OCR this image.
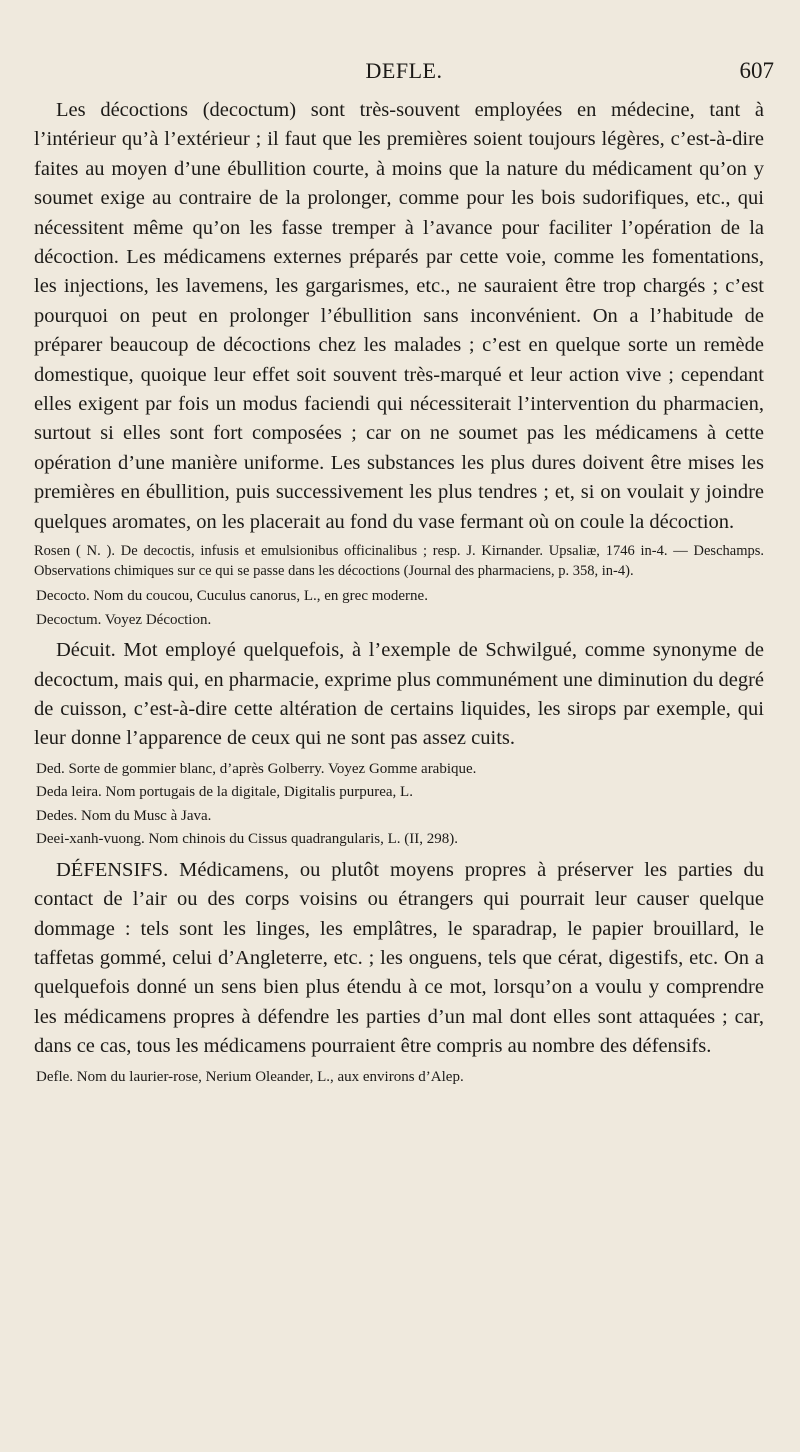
DEFLE.	607

Les décoctions (decoctum) sont très-souvent employées en médecine, tant à l’intérieur qu’à l’extérieur ; il faut que les premières soient toujours légères, c’est-à-dire faites au moyen d’une ébullition courte, à moins que la nature du médicament qu’on y soumet exige au contraire de la prolonger, comme pour les bois sudorifiques, etc., qui nécessitent même qu’on les fasse tremper à l’avance pour faciliter l’opération de la décoction. Les médicamens externes préparés par cette voie, comme les fomentations, les injections, les lavemens, les gargarismes, etc., ne sauraient être trop chargés ; c’est pourquoi on peut en prolonger l’ébullition sans inconvénient. On a l’habitude de préparer beaucoup de décoctions chez les malades ; c’est en quelque sorte un remède domestique, quoique leur effet soit souvent très-marqué et leur action vive ; cependant elles exigent par fois un modus faciendi qui nécessiterait l’intervention du pharmacien, surtout si elles sont fort composées ; car on ne soumet pas les médicamens à cette opération d’une manière uniforme. Les substances les plus dures doivent être mises les premières en ébullition, puis successivement les plus tendres ; et, si on voulait y joindre quelques aromates, on les placerait au fond du vase fermant où on coule la décoction.

Rosen ( N. ). De decoctis, infusis et emulsionibus officinalibus ; resp. J. Kirnander. Upsaliæ, 1746 in-4. — Deschamps. Observations chimiques sur ce qui se passe dans les décoctions (Journal des pharmaciens, p. 358, in-4).

Decocto. Nom du coucou, Cuculus canorus, L., en grec moderne.

Decoctum. Voyez Décoction.

Décuit. Mot employé quelquefois, à l’exemple de Schwilgué, comme synonyme de decoctum, mais qui, en pharmacie, exprime plus communément une diminution du degré de cuisson, c’est-à-dire cette altération de certains liquides, les sirops par exemple, qui leur donne l’apparence de ceux qui ne sont pas assez cuits.

Ded. Sorte de gommier blanc, d’après Golberry. Voyez Gomme arabique.

Deda leira. Nom portugais de la digitale, Digitalis purpurea, L.

Dedes. Nom du Musc à Java.

Deei-xanh-vuong. Nom chinois du Cissus quadrangularis, L. (II, 298).

DÉFENSIFS. Médicamens, ou plutôt moyens propres à préserver les parties du contact de l’air ou des corps voisins ou étrangers qui pourrait leur causer quelque dommage : tels sont les linges, les emplâtres, le sparadrap, le papier brouillard, le taffetas gommé, celui d’Angleterre, etc. ; les onguens, tels que cérat, digestifs, etc. On a quelquefois donné un sens bien plus étendu à ce mot, lorsqu’on a voulu y comprendre les médicamens propres à défendre les parties d’un mal dont elles sont attaquées ; car, dans ce cas, tous les médicamens pourraient être compris au nombre des défensifs.

Defle. Nom du laurier-rose, Nerium Oleander, L., aux environs d’Alep.
